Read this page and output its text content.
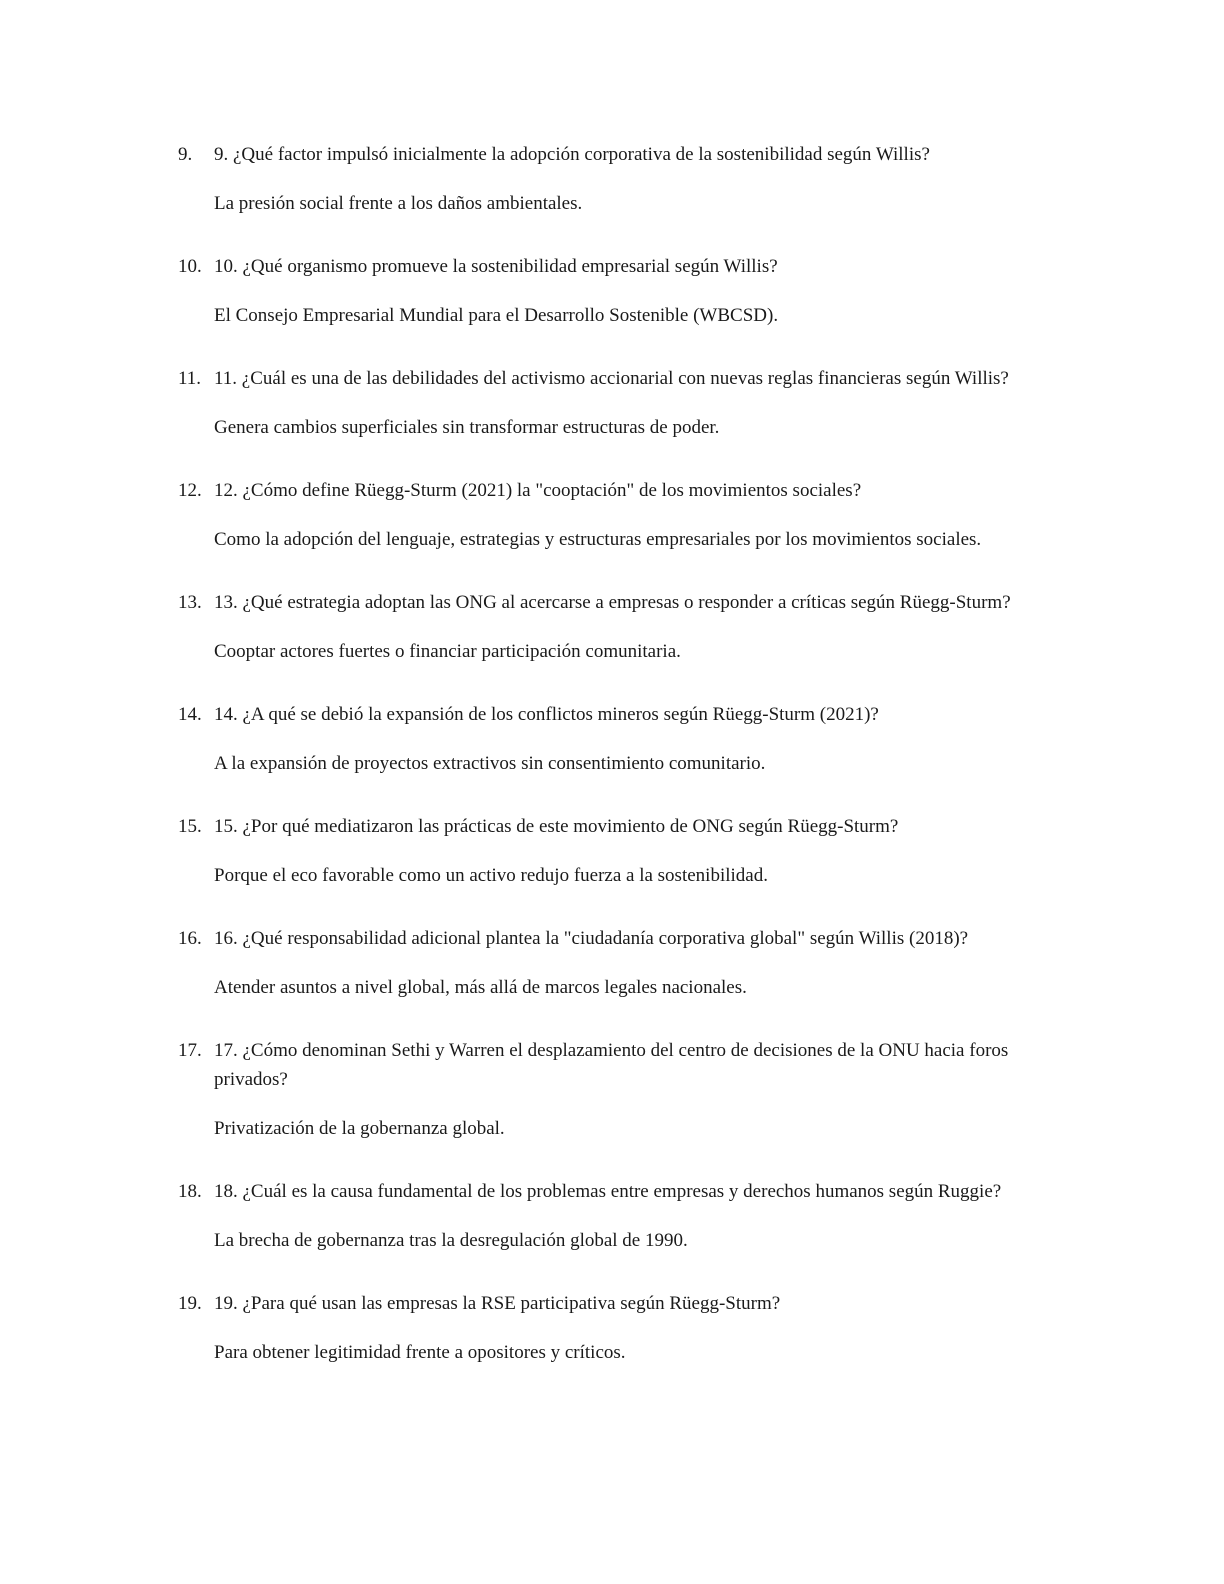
9.	9. ¿Qué factor impulsó inicialmente la adopción corporativa de la sostenibilidad según Willis?

La presión social frente a los daños ambientales.

10. 10. ¿Qué organismo promueve la sostenibilidad empresarial según Willis?

El Consejo Empresarial Mundial para el Desarrollo Sostenible (WBCSD).

11. 11. ¿Cuál es una de las debilidades del activismo accionarial con nuevas reglas financieras según Willis?

Genera cambios superficiales sin transformar estructuras de poder.

12. 12. ¿Cómo define Rüegg-Sturm (2021) la "cooptación" de los movimientos sociales?

Como la adopción del lenguaje, estrategias y estructuras empresariales por los movimientos sociales.

13. 13. ¿Qué estrategia adoptan las ONG al acercarse a empresas o responder a críticas según Rüegg-Sturm?

Cooptar actores fuertes o financiar participación comunitaria.

14. 14. ¿A qué se debió la expansión de los conflictos mineros según Rüegg-Sturm (2021)?

A la expansión de proyectos extractivos sin consentimiento comunitario.

15. 15. ¿Por qué mediatizaron las prácticas de este movimiento de ONG según Rüegg-Sturm?

Porque el eco favorable como un activo redujo fuerza a la sostenibilidad.

16. 16. ¿Qué responsabilidad adicional plantea la "ciudadanía corporativa global" según Willis (2018)?

Atender asuntos a nivel global, más allá de marcos legales nacionales.

17. 17. ¿Cómo denominan Sethi y Warren el desplazamiento del centro de decisiones de la ONU hacia foros privados?

Privatización de la gobernanza global.

18. 18. ¿Cuál es la causa fundamental de los problemas entre empresas y derechos humanos según Ruggie?

La brecha de gobernanza tras la desregulación global de 1990.

19. 19. ¿Para qué usan las empresas la RSE participativa según Rüegg-Sturm?

Para obtener legitimidad frente a opositores y críticos.
